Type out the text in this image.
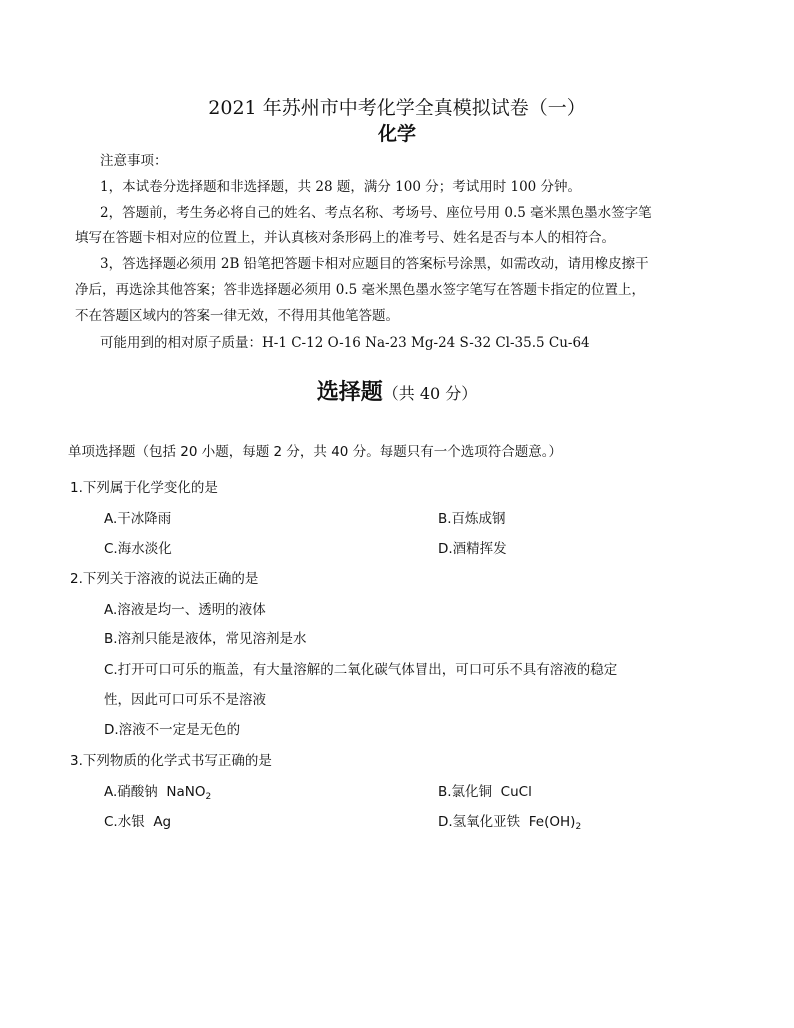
2021 年苏州市中考化学全真模拟试卷（一）
化学
注意事项：
1，本试卷分选择题和非选择题，共 28 题，满分 100 分；考试用时 100 分钟。
2，答题前，考生务必将自己的姓名、考点名称、考场号、座位号用 0.5 毫米黑色墨水签字笔
填写在答题卡相对应的位置上，并认真核对条形码上的准考号、姓名是否与本人的相符合。
3，答选择题必须用 2B 铅笔把答题卡相对应题目的答案标号涂黑，如需改动，请用橡皮擦干
净后，再选涂其他答案；答非选择题必须用 0.5 毫米黑色墨水签字笔写在答题卡指定的位置上，
不在答题区域内的答案一律无效，不得用其他笔答题。
可能用到的相对原子质量：H-1 C-12 O-16 Na-23 Mg-24 S-32 Cl-35.5 Cu-64
选择题（共 40 分）
单项选择题（包括 20 小题，每题 2 分，共 40 分。每题只有一个选项符合题意。）
1.下列属于化学变化的是
A.干冰降雨	B.百炼成钢
C.海水淡化	D.酒精挥发
2.下列关于溶液的说法正确的是
A.溶液是均一、透明的液体
B.溶剂只能是液体，常见溶剂是水
C.打开可口可乐的瓶盖，有大量溶解的二氧化碳气体冒出，可口可乐不具有溶液的稳定
性，因此可口可乐不是溶液
D.溶液不一定是无色的
3.下列物质的化学式书写正确的是
A.硝酸钠 NaNO$_2$	B.氯化铜 CuCl
C.水银 Ag	D.氢氧化亚铁 $Fe(OH)_2$
